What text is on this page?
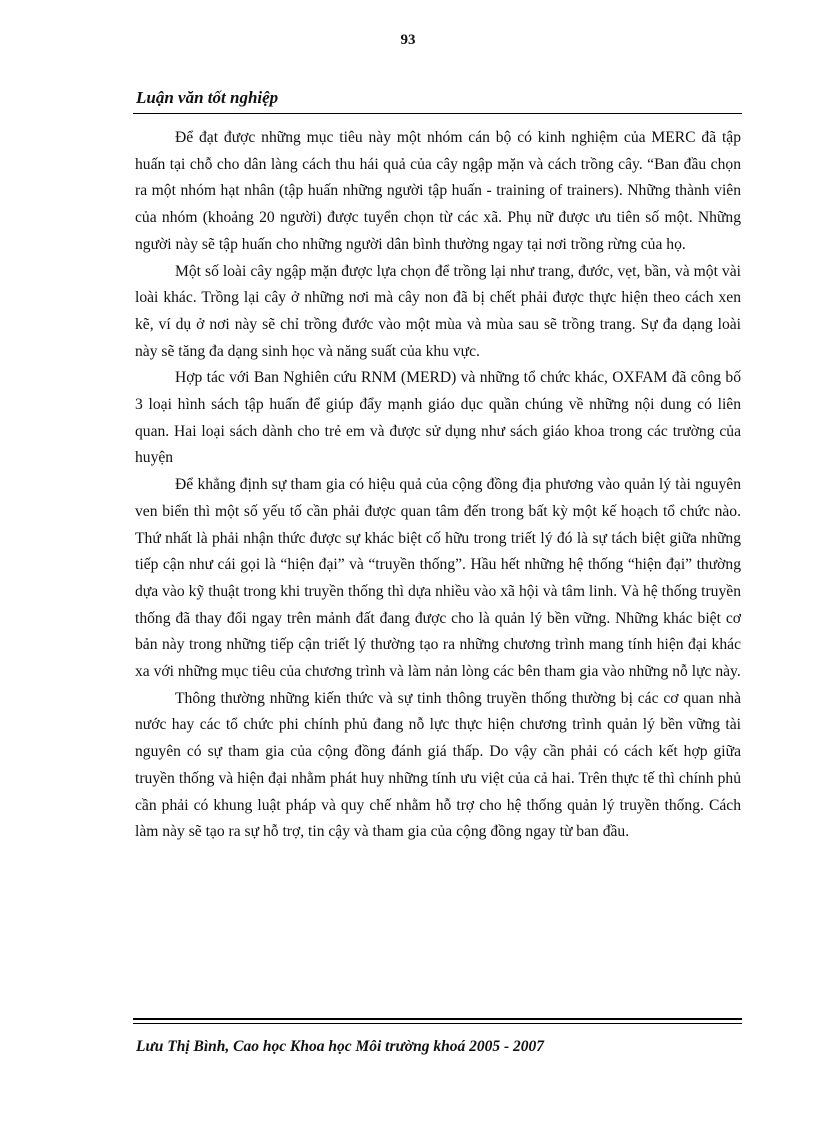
93
Luận văn tốt nghiệp

Để đạt được những mục tiêu này một nhóm cán bộ có kinh nghiệm của MERC đã tập huấn tại chỗ cho dân làng cách thu hái quả của cây ngập mặn và cách trồng cây. “Ban đầu chọn ra một nhóm hạt nhân (tập huấn những người tập huấn - training of trainers). Những thành viên của nhóm (khoảng 20 người) được tuyển chọn từ các xã. Phụ nữ được ưu tiên số một. Những người này sẽ tập huấn cho những người dân bình thường ngay tại nơi trồng rừng của họ.

Một số loài cây ngập mặn được lựa chọn để trồng lại như trang, đước, vẹt, bần, và một vài loài khác. Trồng lại cây ở những nơi mà cây non đã bị chết phải được thực hiện theo cách xen kẽ, ví dụ ở nơi này sẽ chỉ trồng đước vào một mùa và mùa sau sẽ trồng trang. Sự đa dạng loài này sẽ tăng đa dạng sinh học và năng suất của khu vực.

Hợp tác với Ban Nghiên cứu RNM (MERD) và những tổ chức khác, OXFAM đã công bố 3 loại hình sách tập huấn để giúp đẩy mạnh giáo dục quần chúng về những nội dung có liên quan. Hai loại sách dành cho trẻ em và được sử dụng như sách giáo khoa trong các trường của huyện

Để khẳng định sự tham gia có hiệu quả của cộng đồng địa phương vào quản lý tài nguyên ven biển thì một số yếu tố cần phải được quan tâm đến trong bất kỳ một kế hoạch tổ chức nào. Thứ nhất là phải nhận thức được sự khác biệt cố hữu trong triết lý đó là sự tách biệt giữa những tiếp cận như cái gọi là “hiện đại” và “truyền thống”. Hầu hết những hệ thống “hiện đại” thường dựa vào kỹ thuật trong khi truyền thống thì dựa nhiều vào xã hội và tâm linh. Và hệ thống truyền thống đã thay đổi ngay trên mảnh đất đang được cho là quản lý bền vững. Những khác biệt cơ bản này trong những tiếp cận triết lý thường tạo ra những chương trình mang tính hiện đại khác xa với những mục tiêu của chương trình và làm nản lòng các bên tham gia vào những nỗ lực này.

Thông thường những kiến thức và sự tinh thông truyền thống thường bị các cơ quan nhà nước hay các tổ chức phi chính phủ đang nỗ lực thực hiện chương trình quản lý bền vững tài nguyên có sự tham gia của cộng đồng đánh giá thấp. Do vậy cần phải có cách kết hợp giữa truyền thống và hiện đại nhằm phát huy những tính ưu việt của cả hai. Trên thực tế thì chính phủ cần phải có khung luật pháp và quy chế nhằm hỗ trợ cho hệ thống quản lý truyền thống. Cách làm này sẽ tạo ra sự hỗ trợ, tin cậy và tham gia của cộng đồng ngay từ ban đầu.

Lưu Thị Bình, Cao học Khoa học Môi trường khoá 2005 - 2007
